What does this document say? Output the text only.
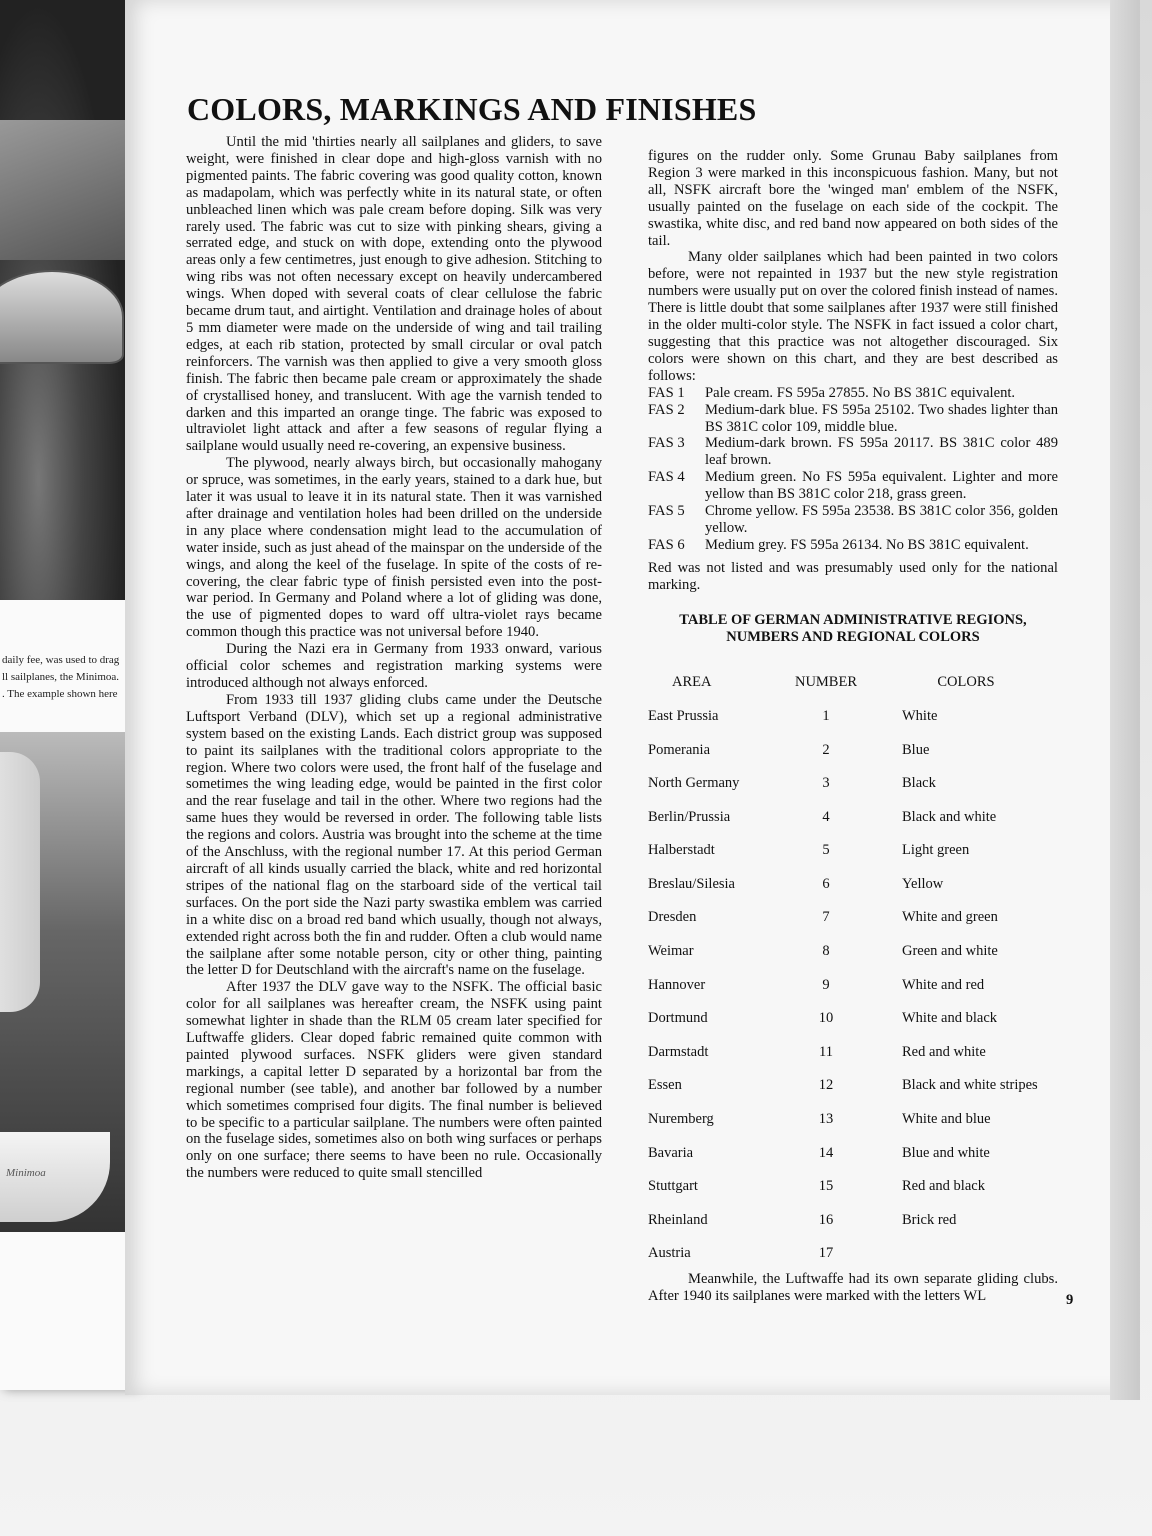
daily fee, was used to drag
ll sailplanes, the Minimoa.
. The example shown here
Minimoa
COLORS, MARKINGS AND FINISHES

Until the mid 'thirties nearly all sailplanes and gliders, to save weight, were finished in clear dope and high-gloss varnish with no pigmented paints. The fabric covering was good quality cotton, known as madapolam, which was perfectly white in its natural state, or often unbleached linen which was pale cream before doping. Silk was very rarely used. The fabric was cut to size with pinking shears, giving a serrated edge, and stuck on with dope, extending onto the plywood areas only a few centimetres, just enough to give adhesion. Stitching to wing ribs was not often necessary except on heavily undercambered wings. When doped with several coats of clear cellulose the fabric became drum taut, and airtight. Ventilation and drainage holes of about 5 mm diameter were made on the underside of wing and tail trailing edges, at each rib station, protected by small circular or oval patch reinforcers. The varnish was then applied to give a very smooth gloss finish. The fabric then became pale cream or approximately the shade of crystallised honey, and translucent. With age the varnish tended to darken and this imparted an orange tinge. The fabric was exposed to ultraviolet light attack and after a few seasons of regular flying a sailplane would usually need re-covering, an expensive business.

The plywood, nearly always birch, but occasionally mahogany or spruce, was sometimes, in the early years, stained to a dark hue, but later it was usual to leave it in its natural state. Then it was varnished after drainage and ventilation holes had been drilled on the underside in any place where condensation might lead to the accumulation of water inside, such as just ahead of the mainspar on the underside of the wings, and along the keel of the fuselage. In spite of the costs of re-covering, the clear fabric type of finish persisted even into the post-war period. In Germany and Poland where a lot of gliding was done, the use of pigmented dopes to ward off ultra-violet rays became common though this practice was not universal before 1940.

During the Nazi era in Germany from 1933 onward, various official color schemes and registration marking systems were introduced although not always enforced.

From 1933 till 1937 gliding clubs came under the Deutsche Luftsport Verband (DLV), which set up a regional administrative system based on the existing Lands. Each district group was supposed to paint its sailplanes with the traditional colors appropriate to the region. Where two colors were used, the front half of the fuselage and sometimes the wing leading edge, would be painted in the first color and the rear fuselage and tail in the other. Where two regions had the same hues they would be reversed in order. The following table lists the regions and colors. Austria was brought into the scheme at the time of the Anschluss, with the regional number 17. At this period German aircraft of all kinds usually carried the black, white and red horizontal stripes of the national flag on the starboard side of the vertical tail surfaces. On the port side the Nazi party swastika emblem was carried in a white disc on a broad red band which usually, though not always, extended right across both the fin and rudder. Often a club would name the sailplane after some notable person, city or other thing, painting the letter D for Deutschland with the aircraft's name on the fuselage.

After 1937 the DLV gave way to the NSFK. The official basic color for all sailplanes was hereafter cream, the NSFK using paint somewhat lighter in shade than the RLM 05 cream later specified for Luftwaffe gliders. Clear doped fabric remained quite common with painted plywood surfaces. NSFK gliders were given standard markings, a capital letter D separated by a horizontal bar from the regional number (see table), and another bar followed by a number which sometimes comprised four digits. The final number is believed to be specific to a particular sailplane. The numbers were often painted on the fuselage sides, sometimes also on both wing surfaces or perhaps only on one surface; there seems to have been no rule. Occasionally the numbers were reduced to quite small stencilled

figures on the rudder only. Some Grunau Baby sailplanes from Region 3 were marked in this inconspicuous fashion. Many, but not all, NSFK aircraft bore the 'winged man' emblem of the NSFK, usually painted on the fuselage on each side of the cockpit. The swastika, white disc, and red band now appeared on both sides of the tail.

Many older sailplanes which had been painted in two colors before, were not repainted in 1937 but the new style registration numbers were usually put on over the colored finish instead of names. There is little doubt that some sailplanes after 1937 were still finished in the older multi-color style. The NSFK in fact issued a color chart, suggesting that this practice was not altogether discouraged. Six colors were shown on this chart, and they are best described as follows:

FAS 1	Pale cream. FS 595a 27855. No BS 381C equivalent.
FAS 2	Medium-dark blue. FS 595a 25102. Two shades lighter than BS 381C color 109, middle blue.
FAS 3	Medium-dark brown. FS 595a 20117. BS 381C color 489 leaf brown.
FAS 4	Medium green. No FS 595a equivalent. Lighter and more yellow than BS 381C color 218, grass green.
FAS 5	Chrome yellow. FS 595a 23538. BS 381C color 356, golden yellow.
FAS 6	Medium grey. FS 595a 26134. No BS 381C equivalent.

Red was not listed and was presumably used only for the national marking.

TABLE OF GERMAN ADMINISTRATIVE REGIONS,
NUMBERS AND REGIONAL COLORS
AREA	NUMBER	COLORS
East Prussia	1	White
Pomerania	2	Blue
North Germany	3	Black
Berlin/Prussia	4	Black and white
Halberstadt	5	Light green
Breslau/Silesia	6	Yellow
Dresden	7	White and green
Weimar	8	Green and white
Hannover	9	White and red
Dortmund	10	White and black
Darmstadt	11	Red and white
Essen	12	Black and white stripes
Nuremberg	13	White and blue
Bavaria	14	Blue and white
Stuttgart	15	Red and black
Rheinland	16	Brick red
Austria	17

Meanwhile, the Luftwaffe had its own separate gliding clubs. After 1940 its sailplanes were marked with the letters WL	9
